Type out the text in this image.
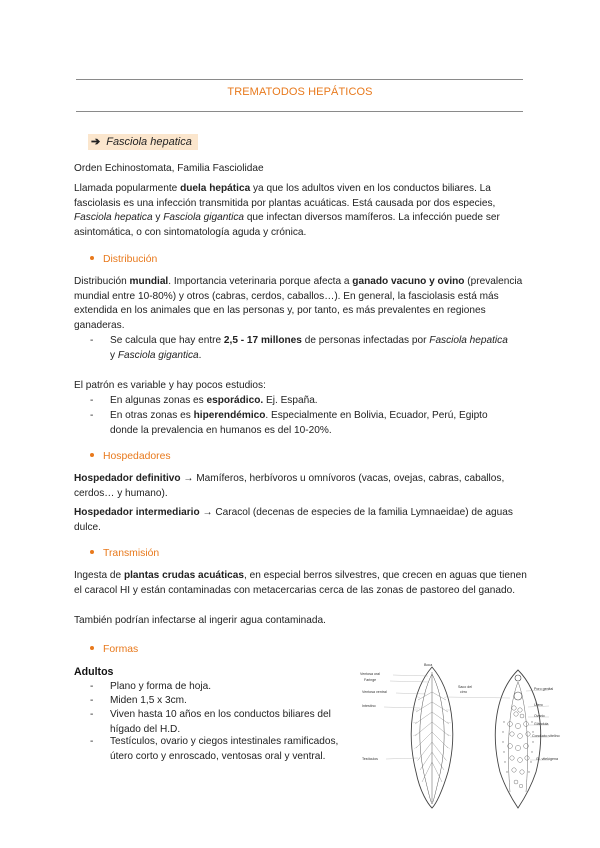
TREMATODOS HEPÁTICOS
➔ Fasciola hepatica
Orden Echinostomata, Familia Fasciolidae
Llamada popularmente duela hepática ya que los adultos viven en los conductos biliares. La fasciolasis es una infección transmitida por plantas acuáticas. Está causada por dos especies, Fasciola hepatica y Fasciola gigantica que infectan diversos mamíferos. La infección puede ser asintomática, o con sintomatología aguda y crónica.
Distribución
Distribución mundial. Importancia veterinaria porque afecta a ganado vacuno y ovino (prevalencia mundial entre 10-80%) y otros (cabras, cerdos, caballos…). En general, la fasciolasis está más extendida en los animales que en las personas y, por tanto, es más prevalentes en regiones ganaderas.
- Se calcula que hay entre 2,5 - 17 millones de personas infectadas por Fasciola hepatica y Fasciola gigantica.
El patrón es variable y hay pocos estudios:
- En algunas zonas es esporádico. Ej. España.
- En otras zonas es hiperendémico. Especialmente en Bolivia, Ecuador, Perú, Egipto donde la prevalencia en humanos es del 10-20%.
Hospedadores
Hospedador definitivo → Mamíferos, herbívoros u omnívoros (vacas, ovejas, cabras, caballos, cerdos… y humano).
Hospedador intermediario → Caracol (decenas de especies de la familia Lymnaeidae) de aguas dulce.
Transmisión
Ingesta de plantas crudas acuáticas, en especial berros silvestres, que crecen en aguas que tienen el caracol HI y están contaminadas con metacercarias cerca de las zonas de pastoreo del ganado.
También podrían infectarse al ingerir agua contaminada.
Formas
Adultos
- Plano y forma de hoja.
- Miden 1,5 x 3cm.
- Viven hasta 10 años en los conductos biliares del hígado del H.D.
- Testículos, ovario y ciegos intestinales ramificados, útero corto y enroscado, ventosas oral y ventral.
Ventosa oral
Faringe
Ventosa ventral
Intestino
Testículos
Boca
Saco del
cirro
Poro genital
Útero
Ovario
Glándula
Conducto vitelino
Gl. vitelógena
